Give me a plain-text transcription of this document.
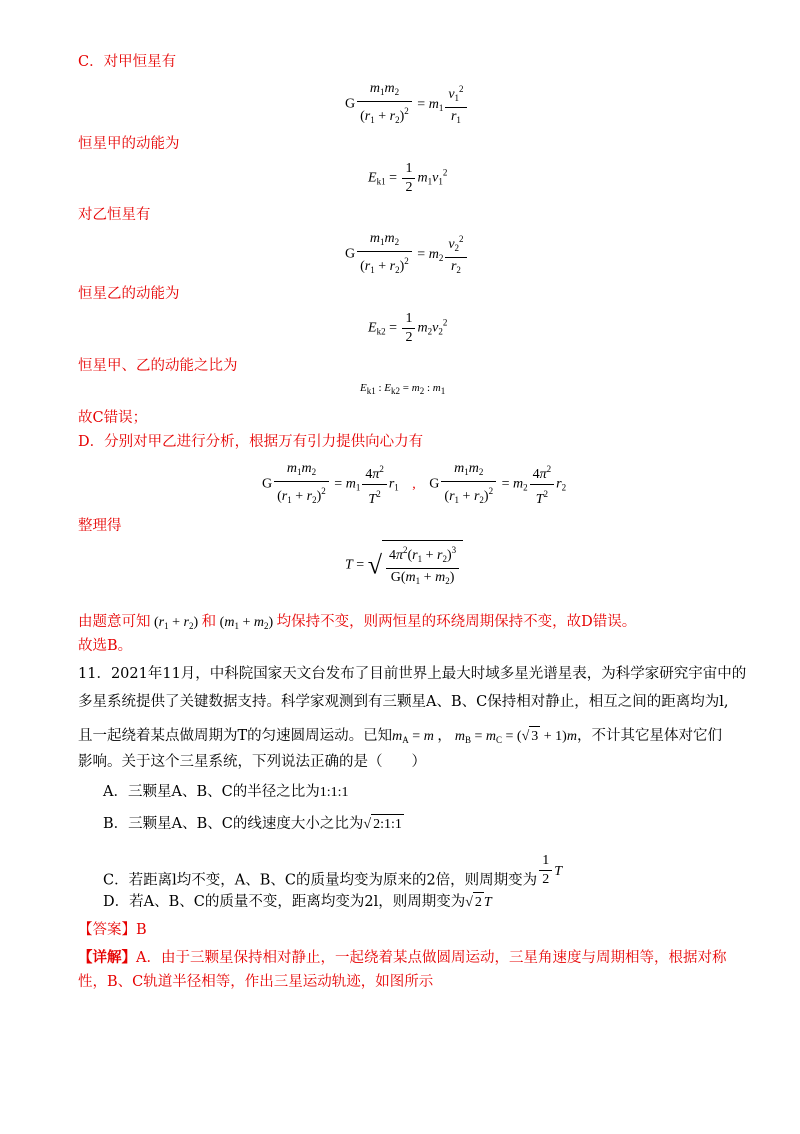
C．对甲恒星有
G $\frac{m_1m_2}{(r_1 + r_2)^2} = m_1 \frac{v_1^2}{r_1}$
恒星甲的动能为
$E_{k1} = \frac{1}{2} m_1v_1^2$
对乙恒星有
G $\frac{m_1m_2}{(r_1 + r_2)^2} = m_2 \frac{v_2^2}{r_2}$
恒星乙的动能为
$E_{k2} = \frac{1}{2} m_2v_2^2$
恒星甲、乙的动能之比为
$E_{k1}$ : $E_{k2} = m_2$ : $m_1$
故C错误；
D．分别对甲乙进行分析，根据万有引力提供向心力有
G $\frac{m_1m_2}{(r_1 + r_2)^2} = m_1 \frac{4\pi^2}{T^2} r_1$ , G $\frac{m_1m_2}{(r_1 + r_2)^2} = m_2 \frac{4\pi^2}{T^2} r_2$
整理得
T = √ $\frac{4\pi^2(r_1 + r_2)^3}{G(m_1 + m_2)}$
由题意可知 $(r_1 + r_2)$ 和 $(m_1 + m_2)$ 均保持不变，则两恒星的环绕周期保持不变，故D错误。
故选B。
11．2021年11月，中科院国家天文台发布了目前世界上最大时域多星光谱星表，为科学家研究宇宙中的
多星系统提供了关键数据支持。科学家观测到有三颗星A、B、C保持相对静止，相互之间的距离均为l,
且一起绕着某点做周期为T的匀速圆周运动。已知$m_A = m$ ， $m_B = m_C$ = (√ 3 + 1)m，不计其它星体对它们
影响。关于这个三星系统，下列说法正确的是（　　）
A．三颗星A、B、C的半径之比为1:1:1
B．三颗星A、B、C的线速度大小之比为√ 2:1:1
C．若距离l均不变，A、B、C的质量均变为原来的2倍，则周期变为 $\frac{1}{2}$ T
D．若A、B、C的质量不变，距离均变为2l，则周期变为√ 2 T
【答案】B
【详解】A．由于三颗星保持相对静止，一起绕着某点做圆周运动，三星角速度与周期相等，根据对称
性，B、C轨道半径相等，作出三星运动轨迹，如图所示
